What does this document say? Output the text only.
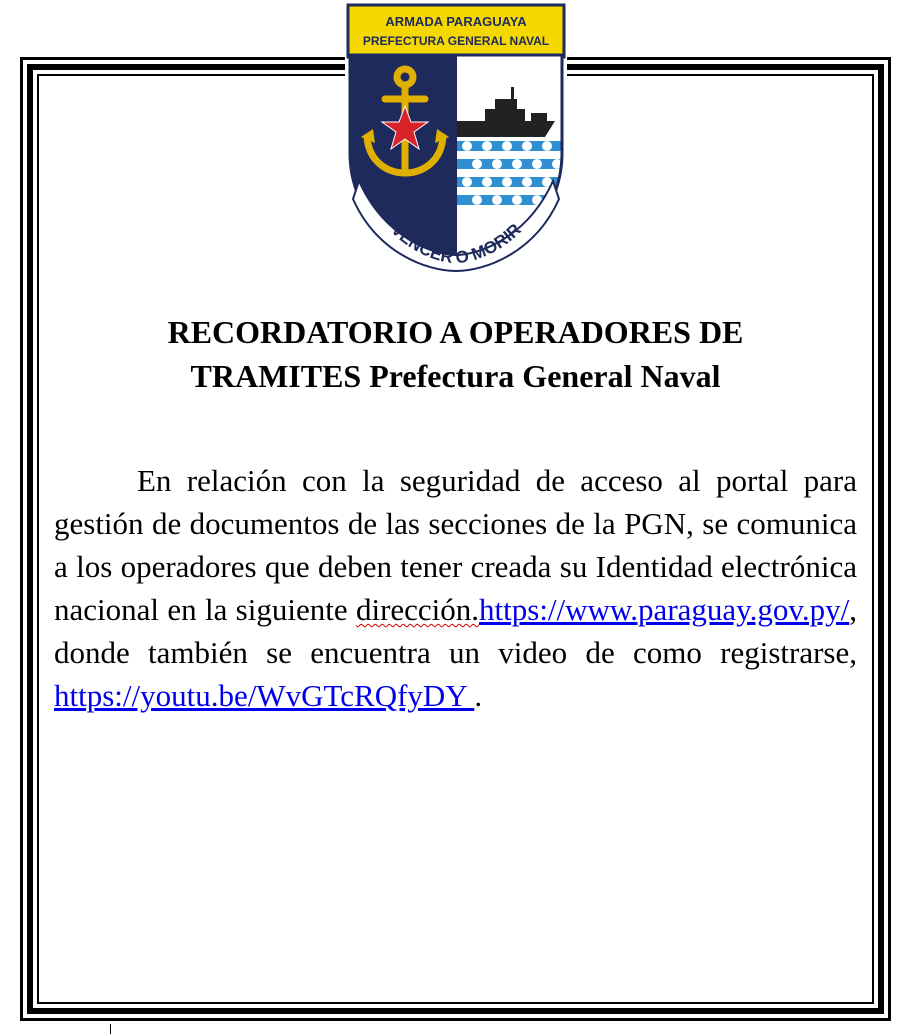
ARMADA PARAGUAYA
PREFECTURA GENERAL NAVAL
VENCER O MORIR
RECORDATORIO A OPERADORES DE
TRAMITES Prefectura General Naval

En relación con la seguridad de acceso al portal para gestión de documentos de las secciones de la PGN, se comunica a los operadores que deben tener creada su Identidad electrónica nacional en la siguiente dirección.https://www.paraguay.gov.py/, donde también se encuentra un video de como registrarse, https://youtu.be/WvGTcRQfyDY .
